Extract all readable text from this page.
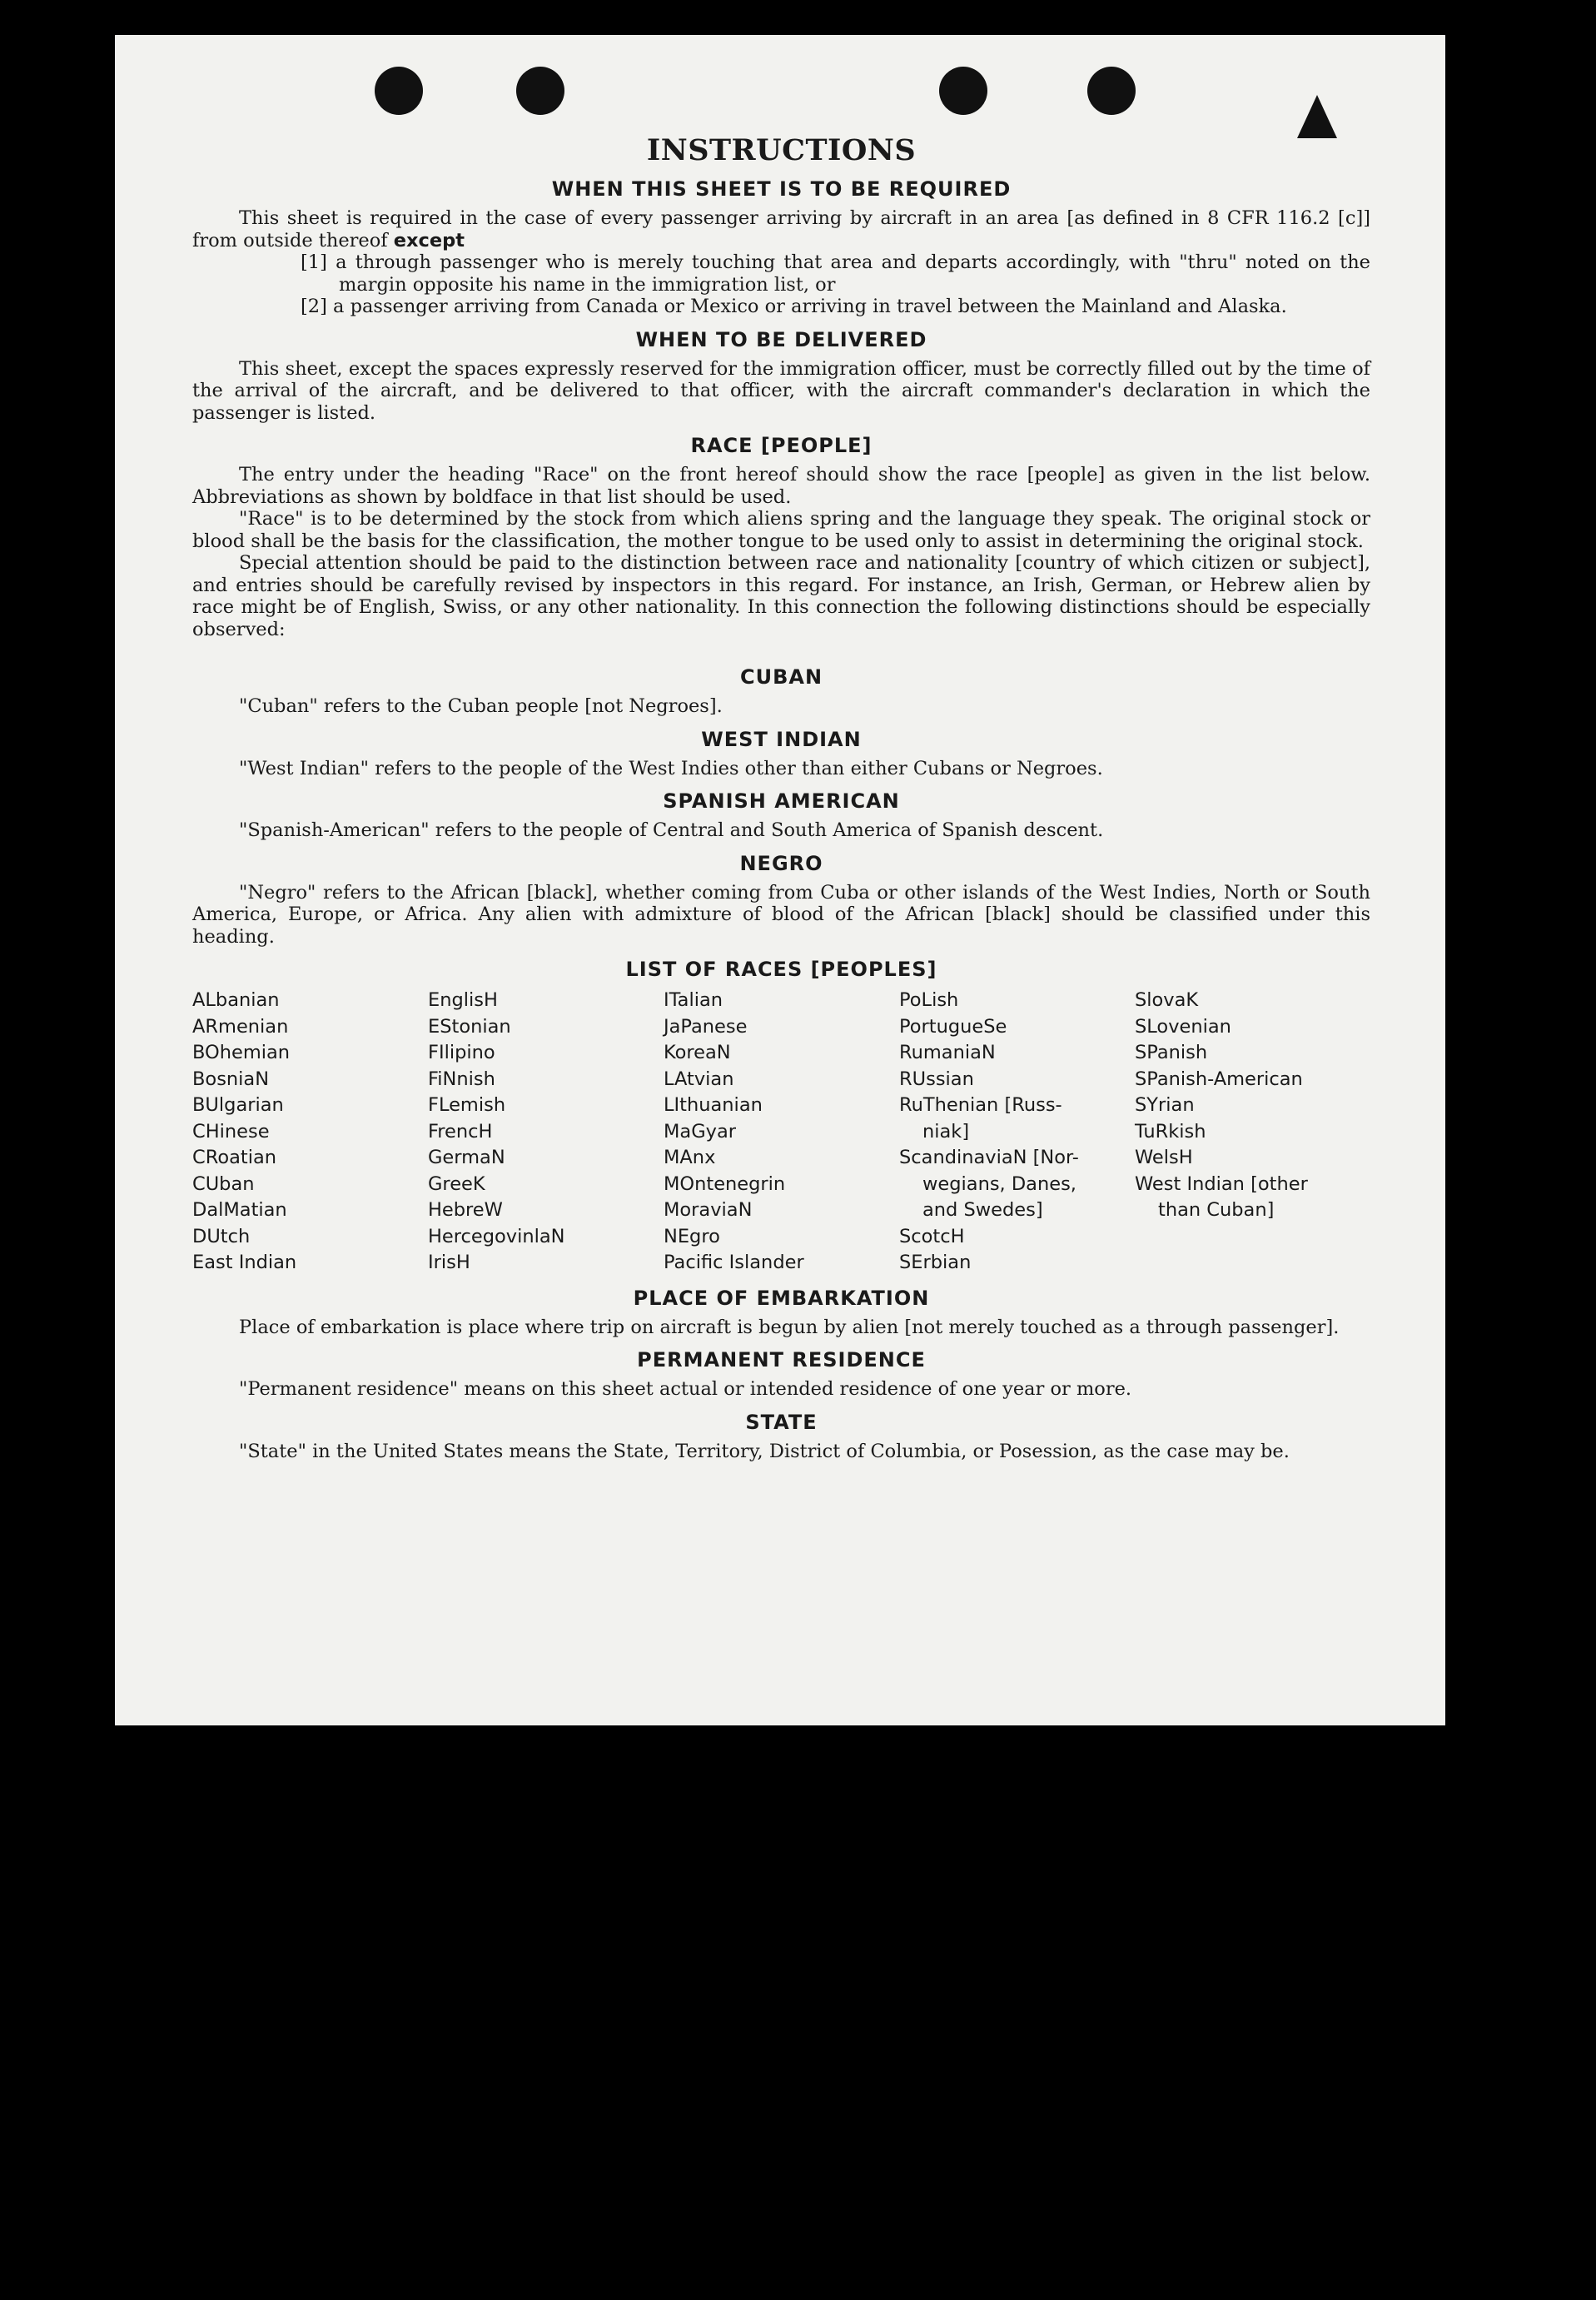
INSTRUCTIONS
WHEN THIS SHEET IS TO BE REQUIRED

This sheet is required in the case of every passenger arriving by aircraft in an area [as defined in 8 CFR 116.2 [c]] from outside thereof except

[1] a through passenger who is merely touching that area and departs accordingly, with "thru" noted on the margin opposite his name in the immigration list, or

[2] a passenger arriving from Canada or Mexico or arriving in travel between the Mainland and Alaska.

WHEN TO BE DELIVERED

This sheet, except the spaces expressly reserved for the immigration officer, must be correctly filled out by the time of the arrival of the aircraft, and be delivered to that officer, with the aircraft commander's declaration in which the passenger is listed.

RACE [PEOPLE]

The entry under the heading "Race" on the front hereof should show the race [people] as given in the list below. Abbreviations as shown by boldface in that list should be used.

"Race" is to be determined by the stock from which aliens spring and the language they speak. The original stock or blood shall be the basis for the classification, the mother tongue to be used only to assist in determining the original stock.

Special attention should be paid to the distinction between race and nationality [country of which citizen or subject], and entries should be carefully revised by inspectors in this regard. For instance, an Irish, German, or Hebrew alien by race might be of English, Swiss, or any other nationality. In this connection the following distinctions should be especially observed:

CUBAN

"Cuban" refers to the Cuban people [not Negroes].

WEST INDIAN

"West Indian" refers to the people of the West Indies other than either Cubans or Negroes.

SPANISH AMERICAN

"Spanish-American" refers to the people of Central and South America of Spanish descent.

NEGRO

"Negro" refers to the African [black], whether coming from Cuba or other islands of the West Indies, North or South America, Europe, or Africa. Any alien with admixture of blood of the African [black] should be classified under this heading.

LIST OF RACES [PEOPLES]
ALbanian
ARmenian
BOhemian
BosniaN
BUlgarian
CHinese
CRoatian
CUban
DalMatian
DUtch
East Indian
EnglisH
EStonian
FIlipino
FiNnish
FLemish
FrencH
GermaN
GreeK
HebreW
HercegovinlaN
IrisH
ITalian
JaPanese
KoreaN
LAtvian
LIthuanian
MaGyar
MAnx
MOntenegrin
MoraviaN
NEgro
Pacific Islander
PoLish
PortugueSe
RumaniaN
RUssian
RuThenian [Russ-
niak]
ScandinaviaN [Nor-
wegians, Danes,
and Swedes]
ScotcH
SErbian
SlovaK
SLovenian
SPanish
SPanish-American
SYrian
TuRkish
WelsH
West Indian [other
than Cuban]
PLACE OF EMBARKATION

Place of embarkation is place where trip on aircraft is begun by alien [not merely touched as a through passenger].

PERMANENT RESIDENCE

"Permanent residence" means on this sheet actual or intended residence of one year or more.

STATE

"State" in the United States means the State, Territory, District of Columbia, or Posession, as the case may be.
